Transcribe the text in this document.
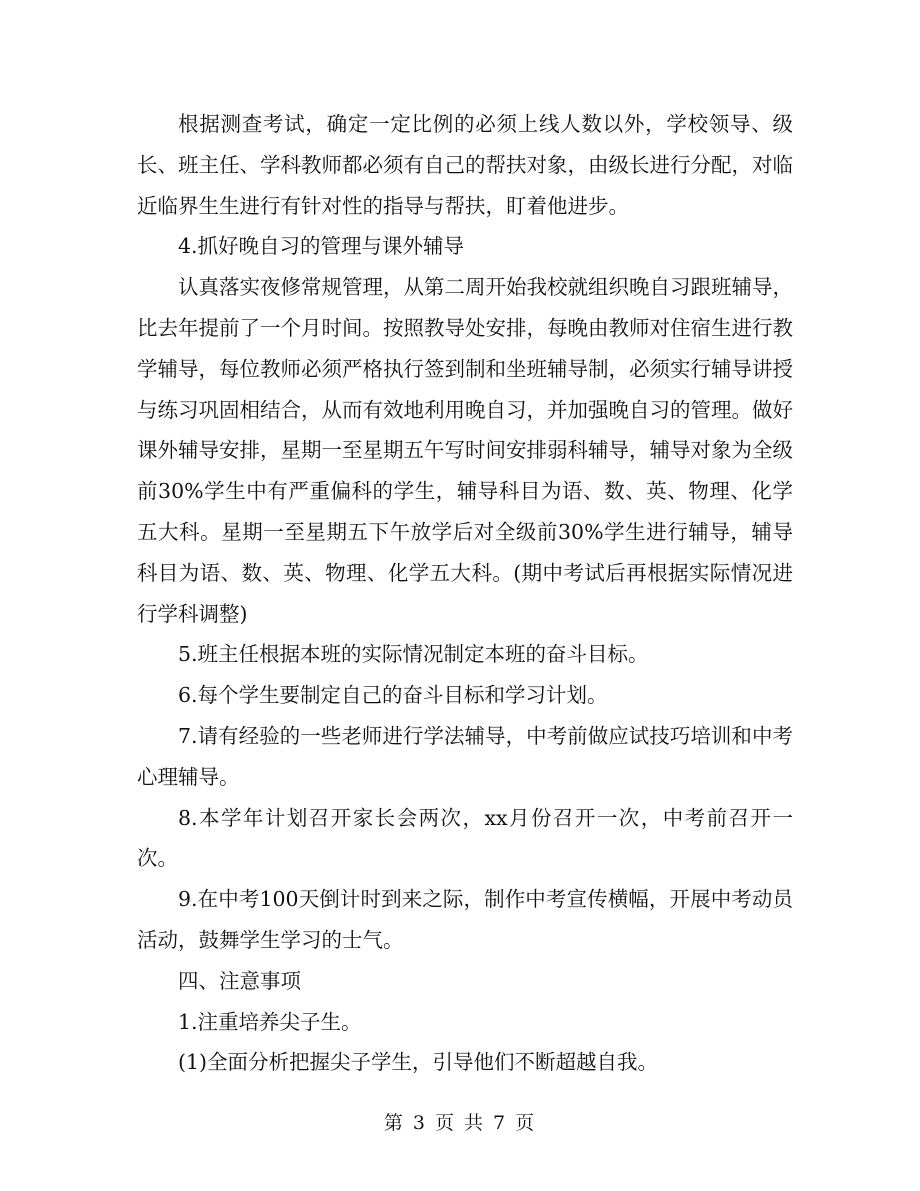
根据测查考试，确定一定比例的必须上线人数以外，学校领导、级长、班主任、学科教师都必须有自己的帮扶对象，由级长进行分配，对临近临界生生进行有针对性的指导与帮扶，盯着他进步。

4.抓好晚自习的管理与课外辅导

认真落实夜修常规管理，从第二周开始我校就组织晚自习跟班辅导，比去年提前了一个月时间。按照教导处安排，每晚由教师对住宿生进行教学辅导，每位教师必须严格执行签到制和坐班辅导制，必须实行辅导讲授与练习巩固相结合，从而有效地利用晚自习，并加强晚自习的管理。做好课外辅导安排，星期一至星期五午写时间安排弱科辅导，辅导对象为全级前30%学生中有严重偏科的学生，辅导科目为语、数、英、物理、化学五大科。星期一至星期五下午放学后对全级前30%学生进行辅导，辅导科目为语、数、英、物理、化学五大科。(期中考试后再根据实际情况进行学科调整)

5.班主任根据本班的实际情况制定本班的奋斗目标。

6.每个学生要制定自己的奋斗目标和学习计划。

7.请有经验的一些老师进行学法辅导，中考前做应试技巧培训和中考心理辅导。

8.本学年计划召开家长会两次，xx月份召开一次，中考前召开一次。

9.在中考100天倒计时到来之际，制作中考宣传横幅，开展中考动员活动，鼓舞学生学习的士气。

四、注意事项

1.注重培养尖子生。

(1)全面分析把握尖子学生，引导他们不断超越自我。

第 3 页 共 7 页
